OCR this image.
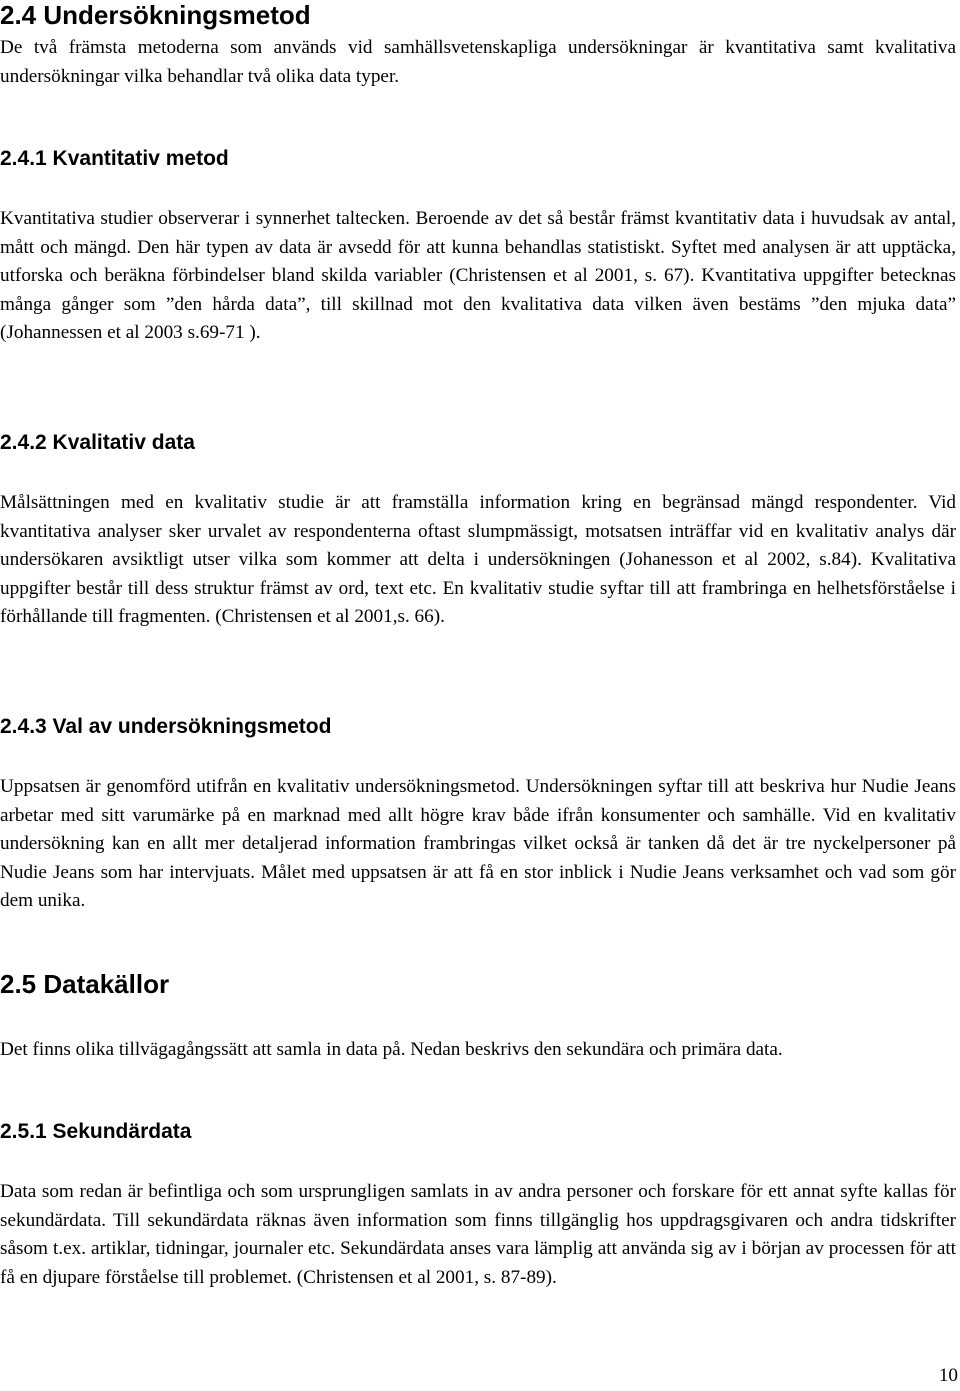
2.4 Undersökningsmetod

De två främsta metoderna som används vid samhällsvetenskapliga undersökningar är kvantitativa samt kvalitativa undersökningar vilka behandlar två olika data typer.

2.4.1 Kvantitativ metod

Kvantitativa studier observerar i synnerhet taltecken. Beroende av det så består främst kvantitativ data i huvudsak av antal, mått och mängd. Den här typen av data är avsedd för att kunna behandlas statistiskt. Syftet med analysen är att upptäcka, utforska och beräkna förbindelser bland skilda variabler (Christensen et al 2001, s. 67). Kvantitativa uppgifter betecknas många gånger som ”den hårda data”, till skillnad mot den kvalitativa data vilken även bestäms ”den mjuka data” (Johannessen et al 2003 s.69-71 ).

2.4.2 Kvalitativ data

Målsättningen med en kvalitativ studie är att framställa information kring en begränsad mängd respondenter. Vid kvantitativa analyser sker urvalet av respondenterna oftast slumpmässigt, motsatsen inträffar vid en kvalitativ analys där undersökaren avsiktligt utser vilka som kommer att delta i undersökningen (Johanesson et al 2002, s.84). Kvalitativa uppgifter består till dess struktur främst av ord, text etc. En kvalitativ studie syftar till att frambringa en helhetsförståelse i förhållande till fragmenten. (Christensen et al 2001,s. 66).

2.4.3 Val av undersökningsmetod

Uppsatsen är genomförd utifrån en kvalitativ undersökningsmetod. Undersökningen syftar till att beskriva hur Nudie Jeans arbetar med sitt varumärke på en marknad med allt högre krav både ifrån konsumenter och samhälle. Vid en kvalitativ undersökning kan en allt mer detaljerad information frambringas vilket också är tanken då det är tre nyckelpersoner på Nudie Jeans som har intervjuats. Målet med uppsatsen är att få en stor inblick i Nudie Jeans verksamhet och vad som gör dem unika.

2.5 Datakällor

Det finns olika tillvägagångssätt att samla in data på. Nedan beskrivs den sekundära och primära data.

2.5.1 Sekundärdata

Data som redan är befintliga och som ursprungligen samlats in av andra personer och forskare för ett annat syfte kallas för sekundärdata. Till sekundärdata räknas även information som finns tillgänglig hos uppdragsgivaren och andra tidskrifter såsom t.ex. artiklar, tidningar, journaler etc. Sekundärdata anses vara lämplig att använda sig av i början av processen för att få en djupare förståelse till problemet. (Christensen et al 2001, s. 87-89).

10
